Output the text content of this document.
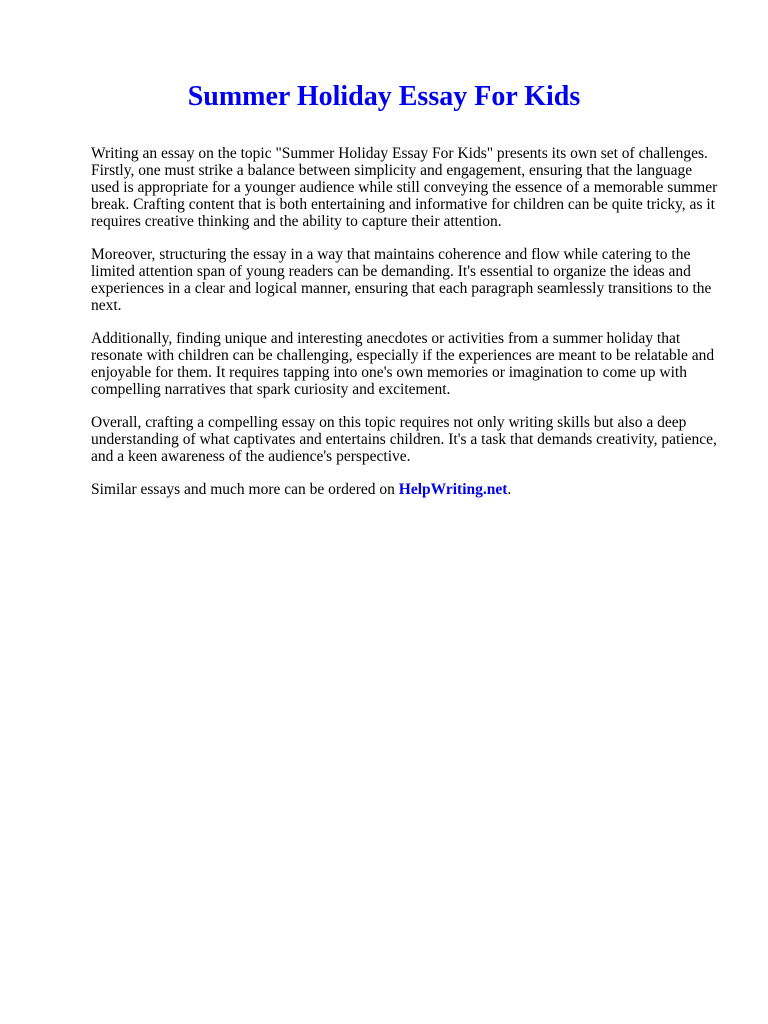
Summer Holiday Essay For Kids

Writing an essay on the topic "Summer Holiday Essay For Kids" presents its own set of challenges. Firstly, one must strike a balance between simplicity and engagement, ensuring that the language used is appropriate for a younger audience while still conveying the essence of a memorable summer break. Crafting content that is both entertaining and informative for children can be quite tricky, as it requires creative thinking and the ability to capture their attention.

Moreover, structuring the essay in a way that maintains coherence and flow while catering to the limited attention span of young readers can be demanding. It's essential to organize the ideas and experiences in a clear and logical manner, ensuring that each paragraph seamlessly transitions to the next.

Additionally, finding unique and interesting anecdotes or activities from a summer holiday that resonate with children can be challenging, especially if the experiences are meant to be relatable and enjoyable for them. It requires tapping into one's own memories or imagination to come up with compelling narratives that spark curiosity and excitement.

Overall, crafting a compelling essay on this topic requires not only writing skills but also a deep understanding of what captivates and entertains children. It's a task that demands creativity, patience, and a keen awareness of the audience's perspective.

Similar essays and much more can be ordered on HelpWriting.net.
